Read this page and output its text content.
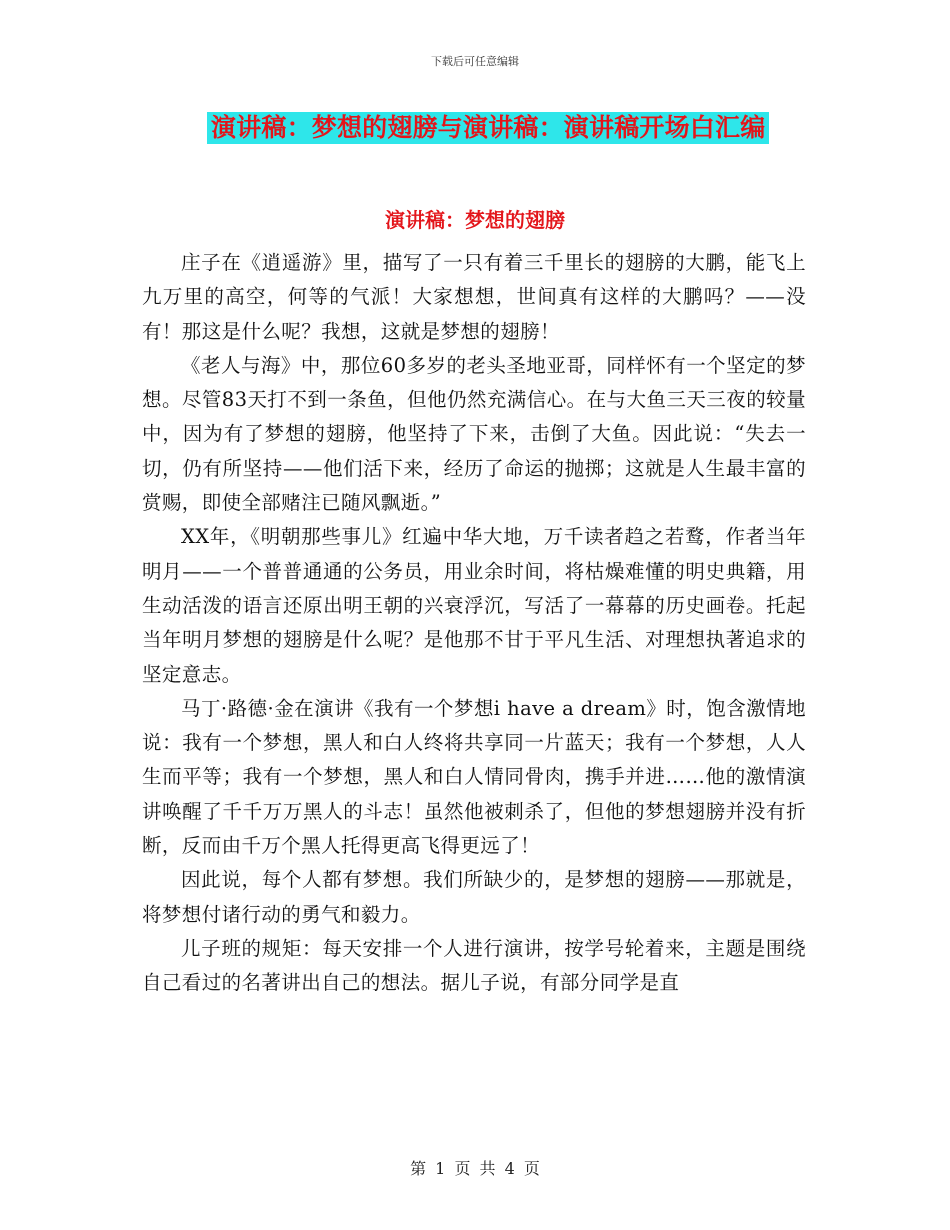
下载后可任意编辑
演讲稿：梦想的翅膀与演讲稿：演讲稿开场白汇编
演讲稿：梦想的翅膀

庄子在《逍遥游》里，描写了一只有着三千里长的翅膀的大鹏，能飞上九万里的高空，何等的气派！大家想想，世间真有这样的大鹏吗？——没有！那这是什么呢？我想，这就是梦想的翅膀！

《老人与海》中，那位60多岁的老头圣地亚哥，同样怀有一个坚定的梦想。尽管83天打不到一条鱼，但他仍然充满信心。在与大鱼三天三夜的较量中，因为有了梦想的翅膀，他坚持了下来，击倒了大鱼。因此说：“失去一切，仍有所坚持——他们活下来，经历了命运的抛掷；这就是人生最丰富的赏赐，即使全部赌注已随风飘逝。”

XX年，《明朝那些事儿》红遍中华大地，万千读者趋之若鹜，作者当年明月——一个普普通通的公务员，用业余时间，将枯燥难懂的明史典籍，用生动活泼的语言还原出明王朝的兴衰浮沉，写活了一幕幕的历史画卷。托起当年明月梦想的翅膀是什么呢？是他那不甘于平凡生活、对理想执著追求的坚定意志。

马丁·路德·金在演讲《我有一个梦想i have a dream》时，饱含激情地说：我有一个梦想，黑人和白人终将共享同一片蓝天；我有一个梦想，人人生而平等；我有一个梦想，黑人和白人情同骨肉，携手并进……他的激情演讲唤醒了千千万万黑人的斗志！虽然他被刺杀了，但他的梦想翅膀并没有折断，反而由千万个黑人托得更高飞得更远了！

因此说，每个人都有梦想。我们所缺少的，是梦想的翅膀——那就是，将梦想付诸行动的勇气和毅力。

儿子班的规矩：每天安排一个人进行演讲，按学号轮着来，主题是围绕自己看过的名著讲出自己的想法。据儿子说，有部分同学是直

第 1 页 共 4 页
